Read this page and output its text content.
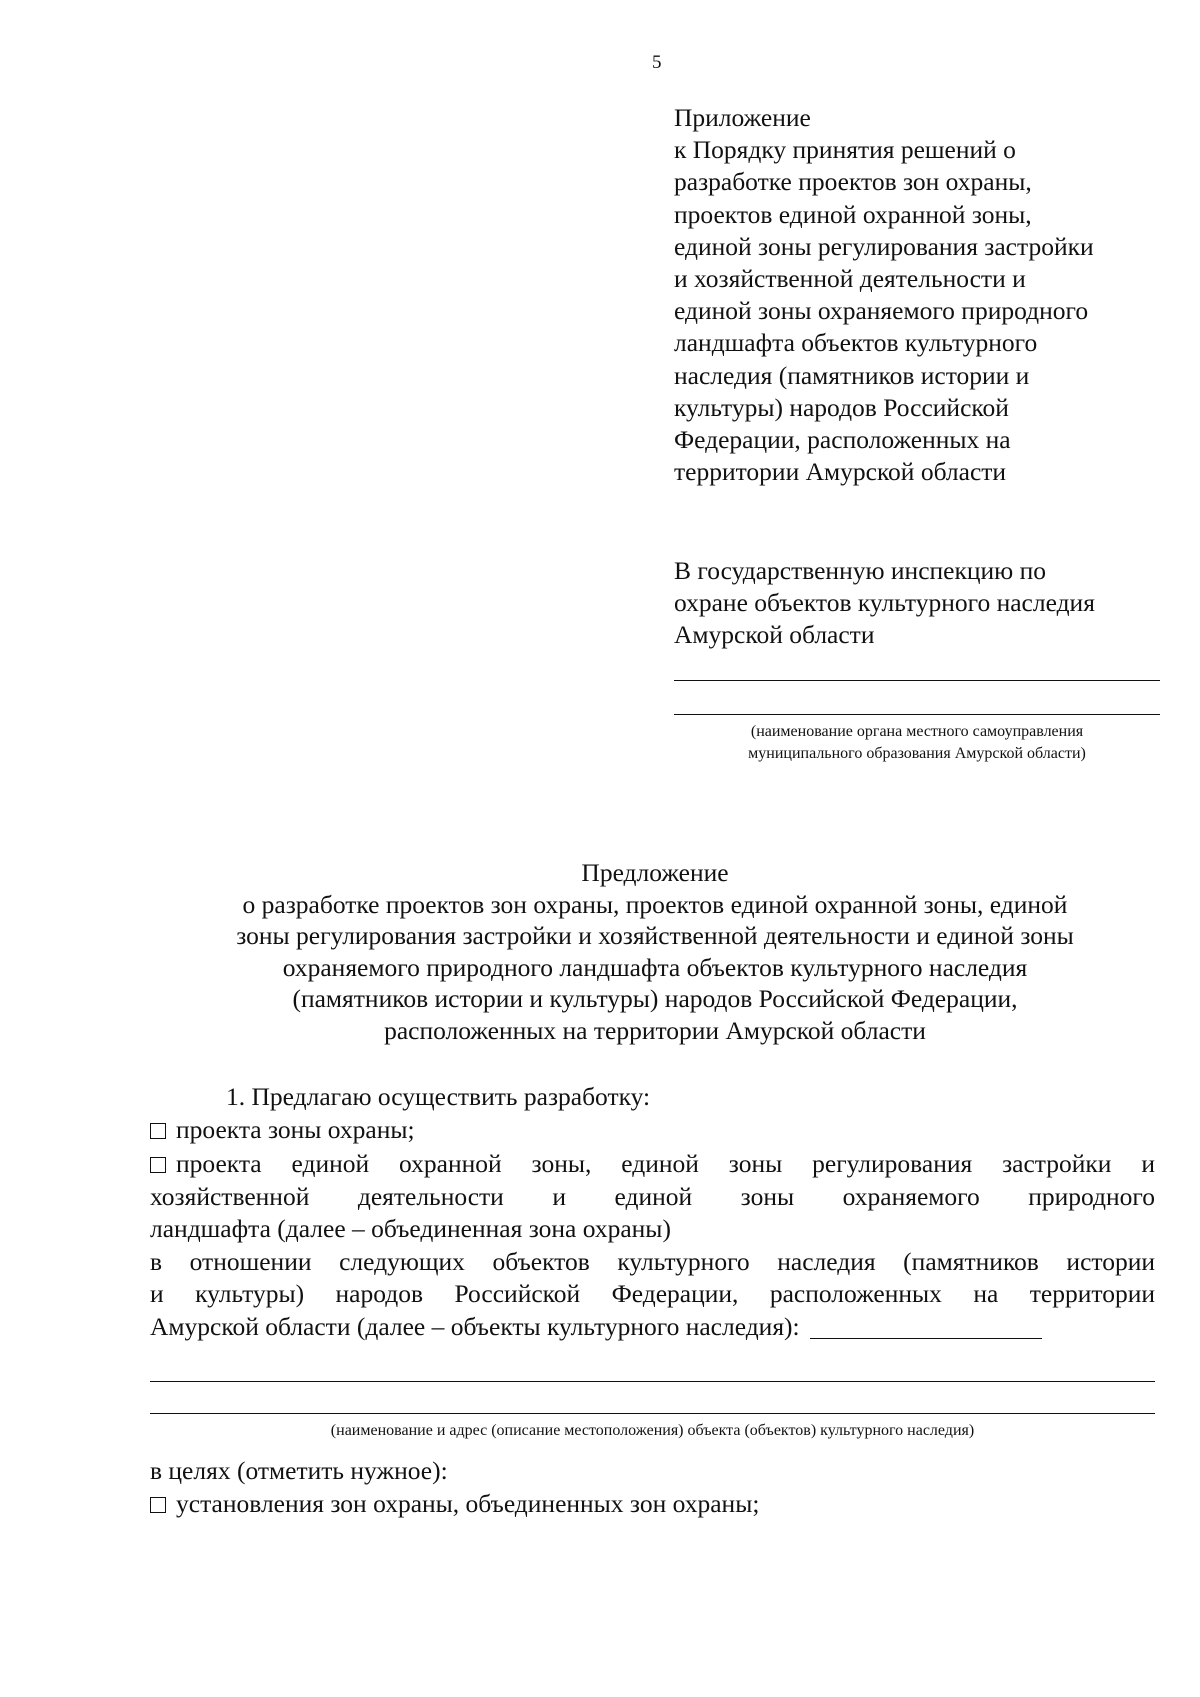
5
Приложение
к Порядку принятия решений о
разработке проектов зон охраны,
проектов единой охранной зоны,
единой зоны регулирования застройки
и хозяйственной деятельности и
единой зоны охраняемого природного
ландшафта объектов культурного
наследия (памятников истории и
культуры) народов Российской
Федерации, расположенных на
территории Амурской области
В государственную инспекцию по
охране объектов культурного наследия
Амурской области
(наименование органа местного самоуправления
муниципального образования Амурской области)
Предложение
о разработке проектов зон охраны, проектов единой охранной зоны, единой
зоны регулирования застройки и хозяйственной деятельности и единой зоны
охраняемого природного ландшафта объектов культурного наследия
(памятников истории и культуры) народов Российской Федерации,
расположенных на территории Амурской области
1. Предлагаю осуществить разработку:
проекта зоны охраны;
проекта единой охранной зоны, единой зоны регулирования застройки и
хозяйственной деятельности и единой зоны охраняемого природного
ландшафта (далее – объединенная зона охраны)
в отношении следующих объектов культурного наследия (памятников истории
и культуры) народов Российской Федерации, расположенных на территории
Амурской области (далее – объекты культурного наследия):
(наименование и адрес (описание местоположения) объекта (объектов) культурного наследия)
в целях (отметить нужное):
установления зон охраны, объединенных зон охраны;
